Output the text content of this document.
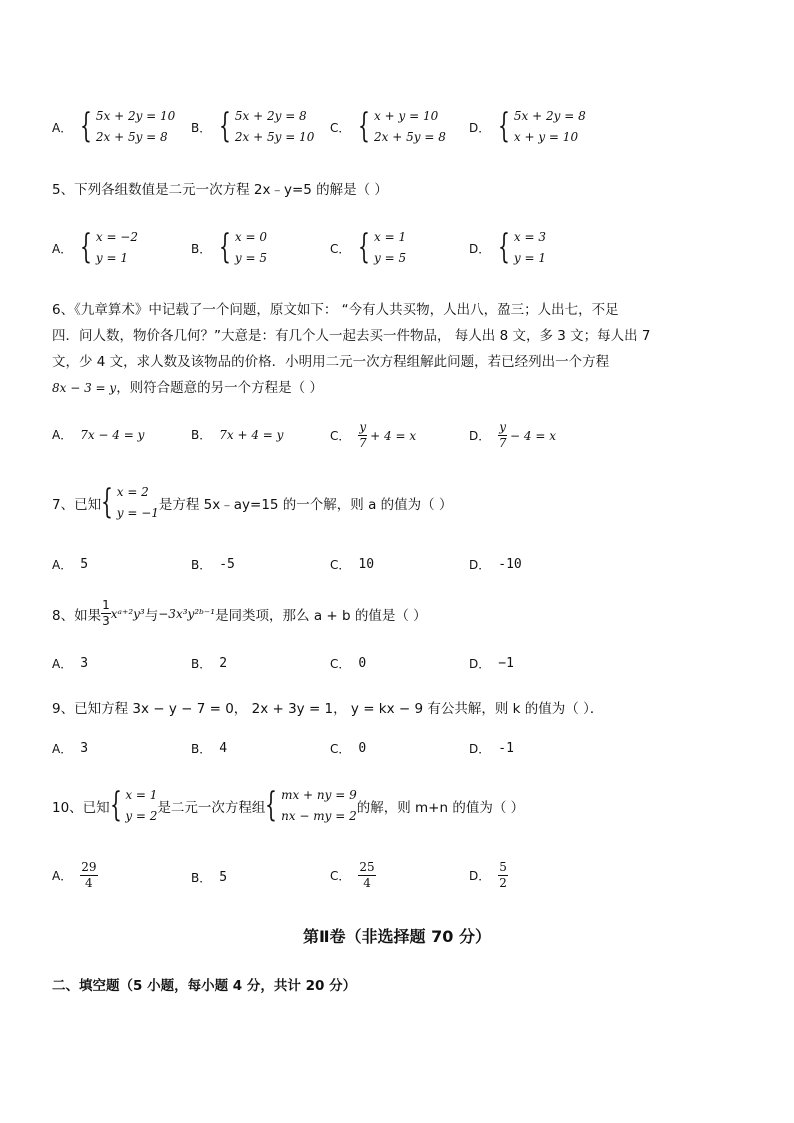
A． { 5x + 2y = 10
2x + 5y = 8
B． { 5x + 2y = 8
2x + 5y = 10
C． { x + y = 10
2x + 5y = 8
D． { 5x + 2y = 8
x + y = 10
5、下列各组数值是二元一次方程 2x﹣y=5 的解是（ ）
A． { x = −2
y = 1
B． { x = 0
y = 5
C． { x = 1
y = 5
D． { x = 3
y = 1
6、《九章算术》中记载了一个问题，原文如下： “今有人共买物，人出八，盈三；人出七，不足
四．问人数，物价各几何？”大意是：有几个人一起去买一件物品， 每人出 8 文，多 3 文；每人出 7
文，少 4 文，求人数及该物品的价格．小明用二元一次方程组解此问题，若已经列出一个方程
8x − 3 = y，则符合题意的另一个方程是（ ）
A． 7x − 4 = y	B． 7x + 4 = y	C． $\frac{y}{7} + 4 = x$	D． $\frac{y}{7} - 4 = x$
7、已知 { x = 2
y = −1 是方程 5x﹣ay=15 的一个解，则 a 的值为（ ）
A． 5	B． -5	C． 10	D． -10
8、如果 $\frac{1}{3}$ xᵃ⁺²y³ 与 −3x³y²ᵇ⁻¹ 是同类项，那么 a + b 的值是（ ）
A． 3	B． 2	C． 0	D． −1
9、已知方程 3x − y − 7 = 0， 2x + 3y = 1， y = kx − 9 有公共解，则 k 的值为（ ）．
A． 3	B． 4	C． 0	D． -1
10、已知 { x = 1
y = 2 是二元一次方程组 { mx + ny = 9
nx − my = 2 的解，则 m+n 的值为（ ）
A． $\frac{29}{4}$	B． 5	C． $\frac{25}{4}$	D． $\frac{5}{2}$
第Ⅱ卷（非选择题 70 分）
二、填空题（5 小题，每小题 4 分，共计 20 分）
